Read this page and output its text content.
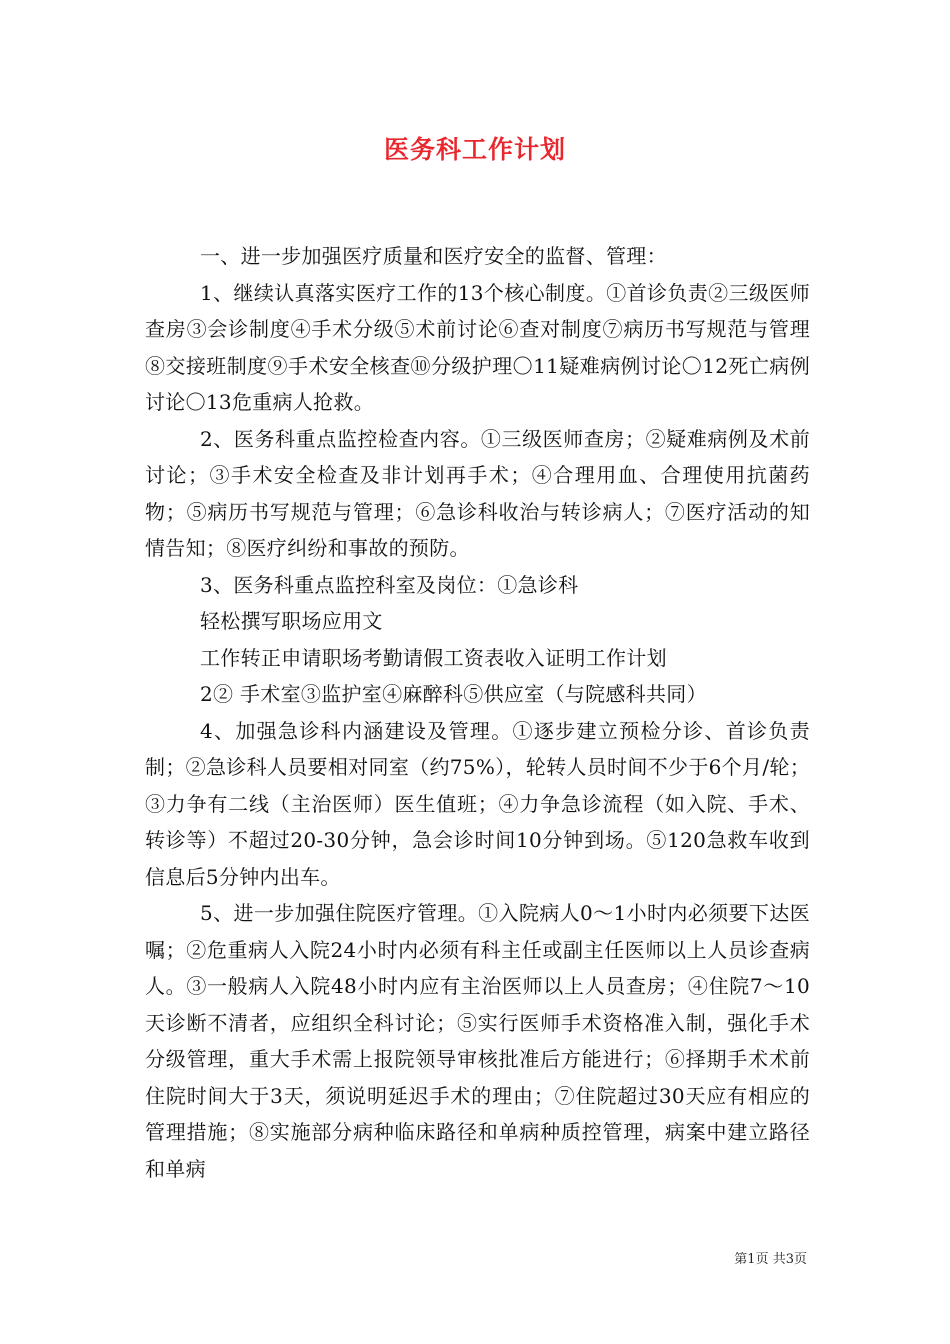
医务科工作计划

一、进一步加强医疗质量和医疗安全的监督、管理：

1、继续认真落实医疗工作的13个核心制度。①首诊负责②三级医师查房③会诊制度④手术分级⑤术前讨论⑥查对制度⑦病历书写规范与管理⑧交接班制度⑨手术安全核查⑩分级护理〇11疑难病例讨论〇12死亡病例讨论〇13危重病人抢救。

2、医务科重点监控检查内容。①三级医师查房；②疑难病例及术前讨论；③手术安全检查及非计划再手术；④合理用血、合理使用抗菌药物；⑤病历书写规范与管理；⑥急诊科收治与转诊病人；⑦医疗活动的知情告知；⑧医疗纠纷和事故的预防。

3、医务科重点监控科室及岗位：①急诊科

轻松撰写职场应用文

工作转正申请职场考勤请假工资表收入证明工作计划

2② 手术室③监护室④麻醉科⑤供应室（与院感科共同）

4、加强急诊科内涵建设及管理。①逐步建立预检分诊、首诊负责制；②急诊科人员要相对同室（约75%），轮转人员时间不少于6个月/轮；③力争有二线（主治医师）医生值班；④力争急诊流程（如入院、手术、转诊等）不超过20-30分钟，急会诊时间10分钟到场。⑤120急救车收到信息后5分钟内出车。

5、进一步加强住院医疗管理。①入院病人0～1小时内必须要下达医嘱；②危重病人入院24小时内必须有科主任或副主任医师以上人员诊查病人。③一般病人入院48小时内应有主治医师以上人员查房；④住院7～10天诊断不清者，应组织全科讨论；⑤实行医师手术资格准入制，强化手术分级管理，重大手术需上报院领导审核批准后方能进行；⑥择期手术术前住院时间大于3天，须说明延迟手术的理由；⑦住院超过30天应有相应的管理措施；⑧实施部分病种临床路径和单病种质控管理，病案中建立路径和单病

第1页 共3页
